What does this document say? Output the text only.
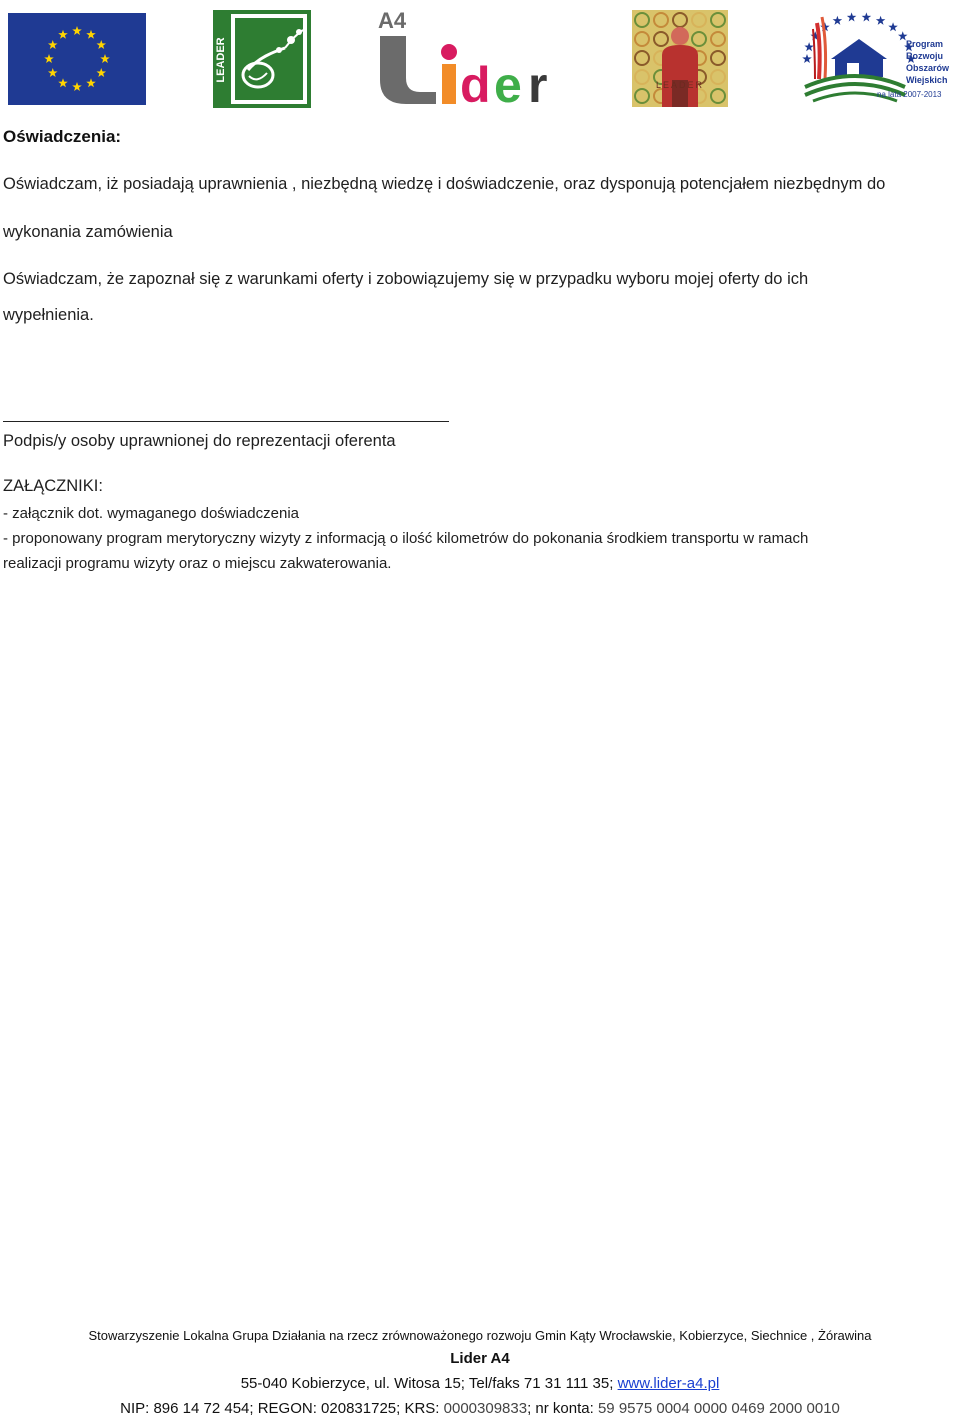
LEADER
A4
d e r	LEADER
Program
Rozwoju
Obszarów
Wiejskich
na lata 2007-2013
Oświadczenia:
Oświadczam, iż posiadają uprawnienia , niezbędną wiedzę i doświadczenie, oraz dysponują potencjałem niezbędnym do
wykonania zamówienia
Oświadczam, że zapoznał się z warunkami oferty i zobowiązujemy się w przypadku wyboru mojej oferty do ich
wypełnienia.
Podpis/y osoby uprawnionej do reprezentacji oferenta
ZAŁĄCZNIKI:
- załącznik dot. wymaganego doświadczenia
- proponowany program merytoryczny wizyty z informacją o ilość kilometrów do pokonania środkiem transportu w ramach
realizacji programu wizyty oraz o miejscu zakwaterowania.
Stowarzyszenie Lokalna Grupa Działania na rzecz zrównoważonego rozwoju Gmin Kąty Wrocławskie, Kobierzyce, Siechnice , Żórawina
Lider A4
55-040 Kobierzyce, ul. Witosa 15; Tel/faks 71 31 111 35; www.lider-a4.pl
NIP: 896 14 72 454; REGON: 020831725; KRS: 0000309833; nr konta: 59 9575 0004 0000 0469 2000 0010
